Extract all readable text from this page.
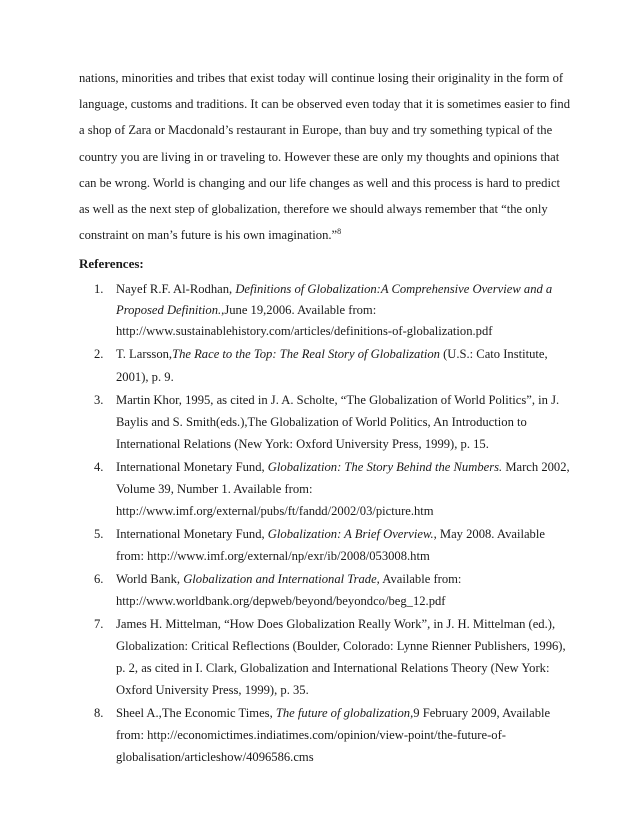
nations, minorities and tribes that exist today will continue losing their originality in the form of
language, customs and traditions. It can be observed even today that it is sometimes easier to find
a shop of Zara or Macdonald’s restaurant in Europe, than buy and try something typical of the
country you are living in or traveling to. However these are only my thoughts and opinions that
can be wrong. World is changing and our life changes as well and this process is hard to predict
as well as the next step of globalization, therefore we should always remember that “the only
constraint on man’s future is his own imagination.”$^8$
References:
1. Nayef R.F. Al-Rodhan, Definitions of Globalization:A Comprehensive Overview and a
Proposed Definition.,June 19,2006. Available from:
http://www.sustainablehistory.com/articles/definitions-of-globalization.pdf
2. T. Larsson,The Race to the Top: The Real Story of Globalization (U.S.: Cato Institute,
2001), p. 9.
3. Martin Khor, 1995, as cited in J. A. Scholte, “The Globalization of World Politics”, in J.
Baylis and S. Smith(eds.),The Globalization of World Politics, An Introduction to
International Relations (New York: Oxford University Press, 1999), p. 15.
4. International Monetary Fund, Globalization: The Story Behind the Numbers. March 2002,
Volume 39, Number 1. Available from:
http://www.imf.org/external/pubs/ft/fandd/2002/03/picture.htm
5. International Monetary Fund, Globalization: A Brief Overview., May 2008. Available
from: http://www.imf.org/external/np/exr/ib/2008/053008.htm
6. World Bank, Globalization and International Trade, Available from:
http://www.worldbank.org/depweb/beyond/beyondco/beg_12.pdf
7. James H. Mittelman, “How Does Globalization Really Work”, in J. H. Mittelman (ed.),
Globalization: Critical Reflections (Boulder, Colorado: Lynne Rienner Publishers, 1996),
p. 2, as cited in I. Clark, Globalization and International Relations Theory (New York:
Oxford University Press, 1999), p. 35.
8. Sheel A.,The Economic Times, The future of globalization,9 February 2009, Available
from: http://economictimes.indiatimes.com/opinion/view-point/the-future-of-
globalisation/articleshow/4096586.cms
